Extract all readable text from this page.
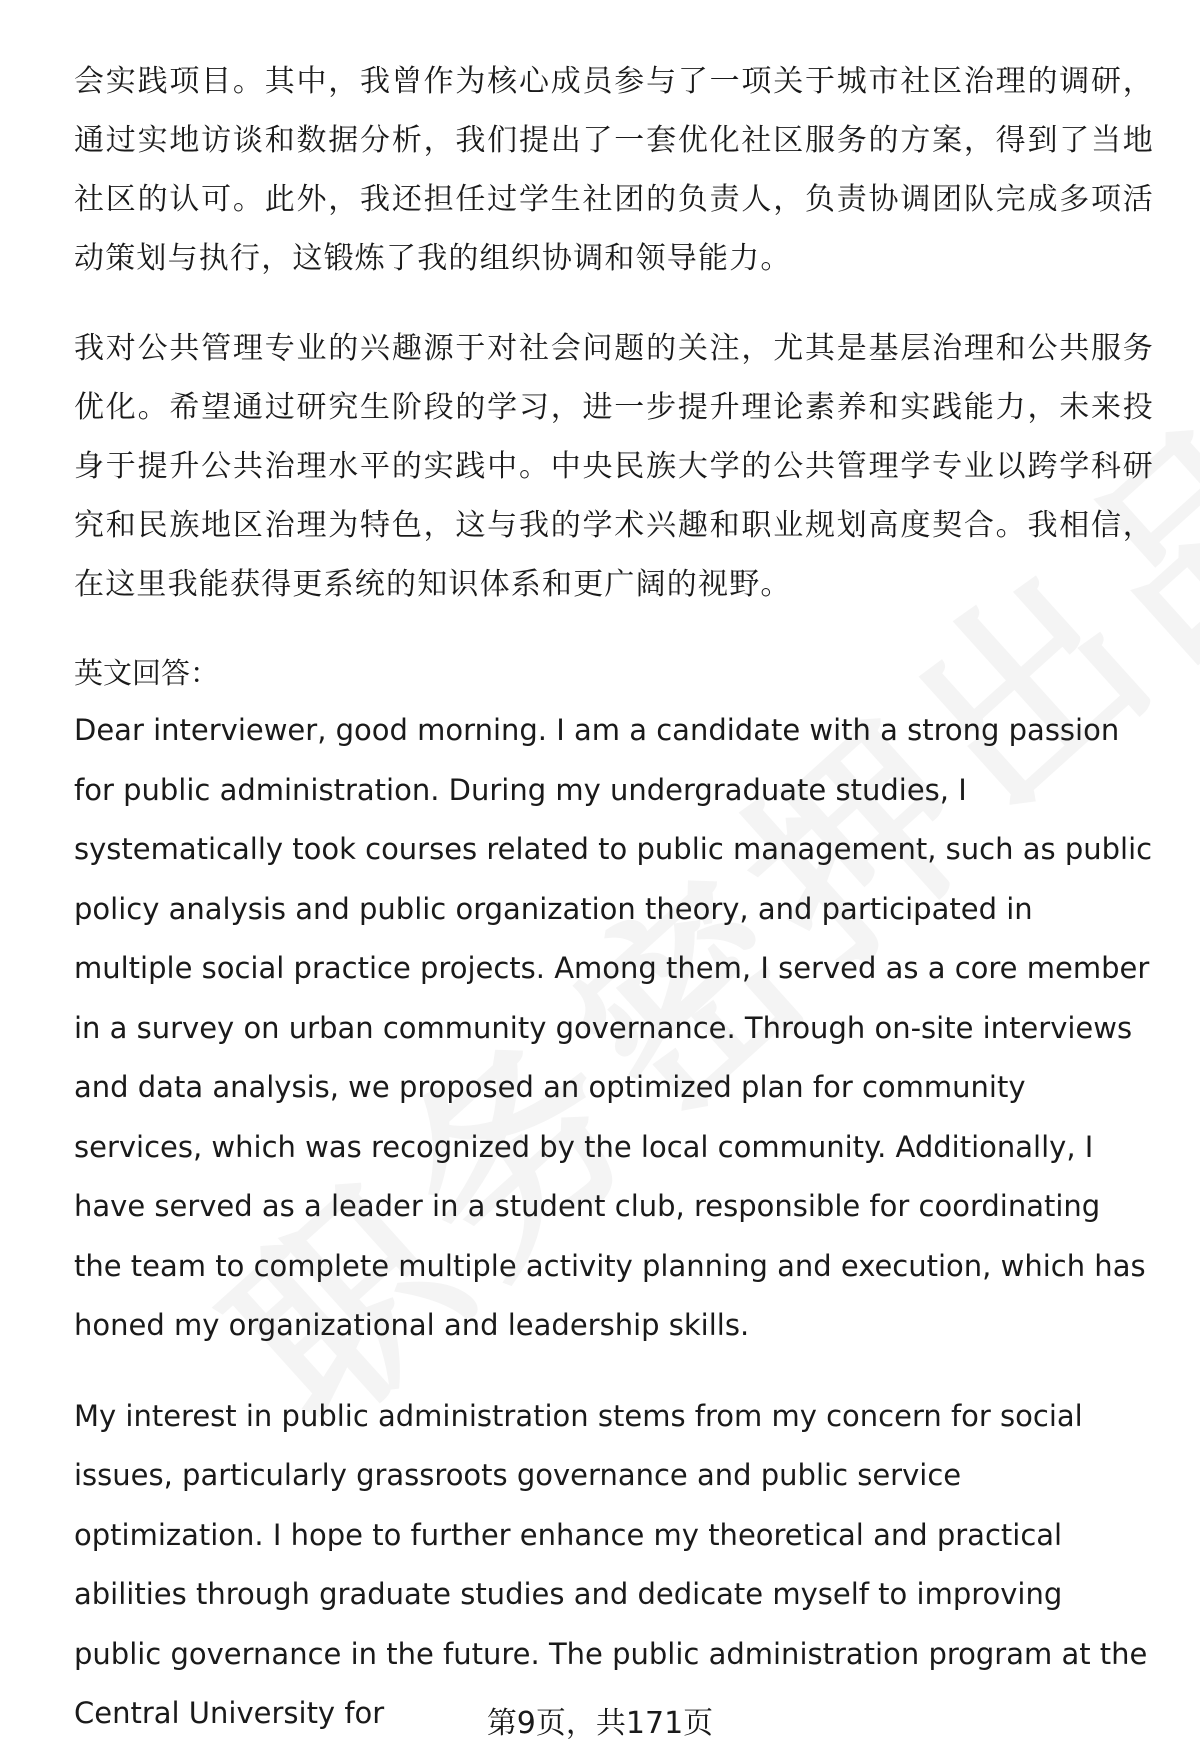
会实践项目。其中，我曾作为核心成员参与了一项关于城市社区治理的调研，通过实地访谈和数据分析，我们提出了一套优化社区服务的方案，得到了当地社区的认可。此外，我还担任过学生社团的负责人，负责协调团队完成多项活动策划与执行，这锻炼了我的组织协调和领导能力。

我对公共管理专业的兴趣源于对社会问题的关注，尤其是基层治理和公共服务优化。希望通过研究生阶段的学习，进一步提升理论素养和实践能力，未来投身于提升公共治理水平的实践中。中央民族大学的公共管理学专业以跨学科研究和民族地区治理为特色，这与我的学术兴趣和职业规划高度契合。我相信，在这里我能获得更系统的知识体系和更广阔的视野。

英文回答：

Dear interviewer, good morning. I am a candidate with a strong passion for public administration. During my undergraduate studies, I systematically took courses related to public management, such as public policy analysis and public organization theory, and participated in multiple social practice projects. Among them, I served as a core member in a survey on urban community governance. Through on-site interviews and data analysis, we proposed an optimized plan for community services, which was recognized by the local community. Additionally, I have served as a leader in a student club, responsible for coordinating the team to complete multiple activity planning and execution, which has honed my organizational and leadership skills.

My interest in public administration stems from my concern for social issues, particularly grassroots governance and public service optimization. I hope to further enhance my theoretical and practical abilities through graduate studies and dedicate myself to improving public governance in the future. The public administration program at the Central University for	第9页，共171页
